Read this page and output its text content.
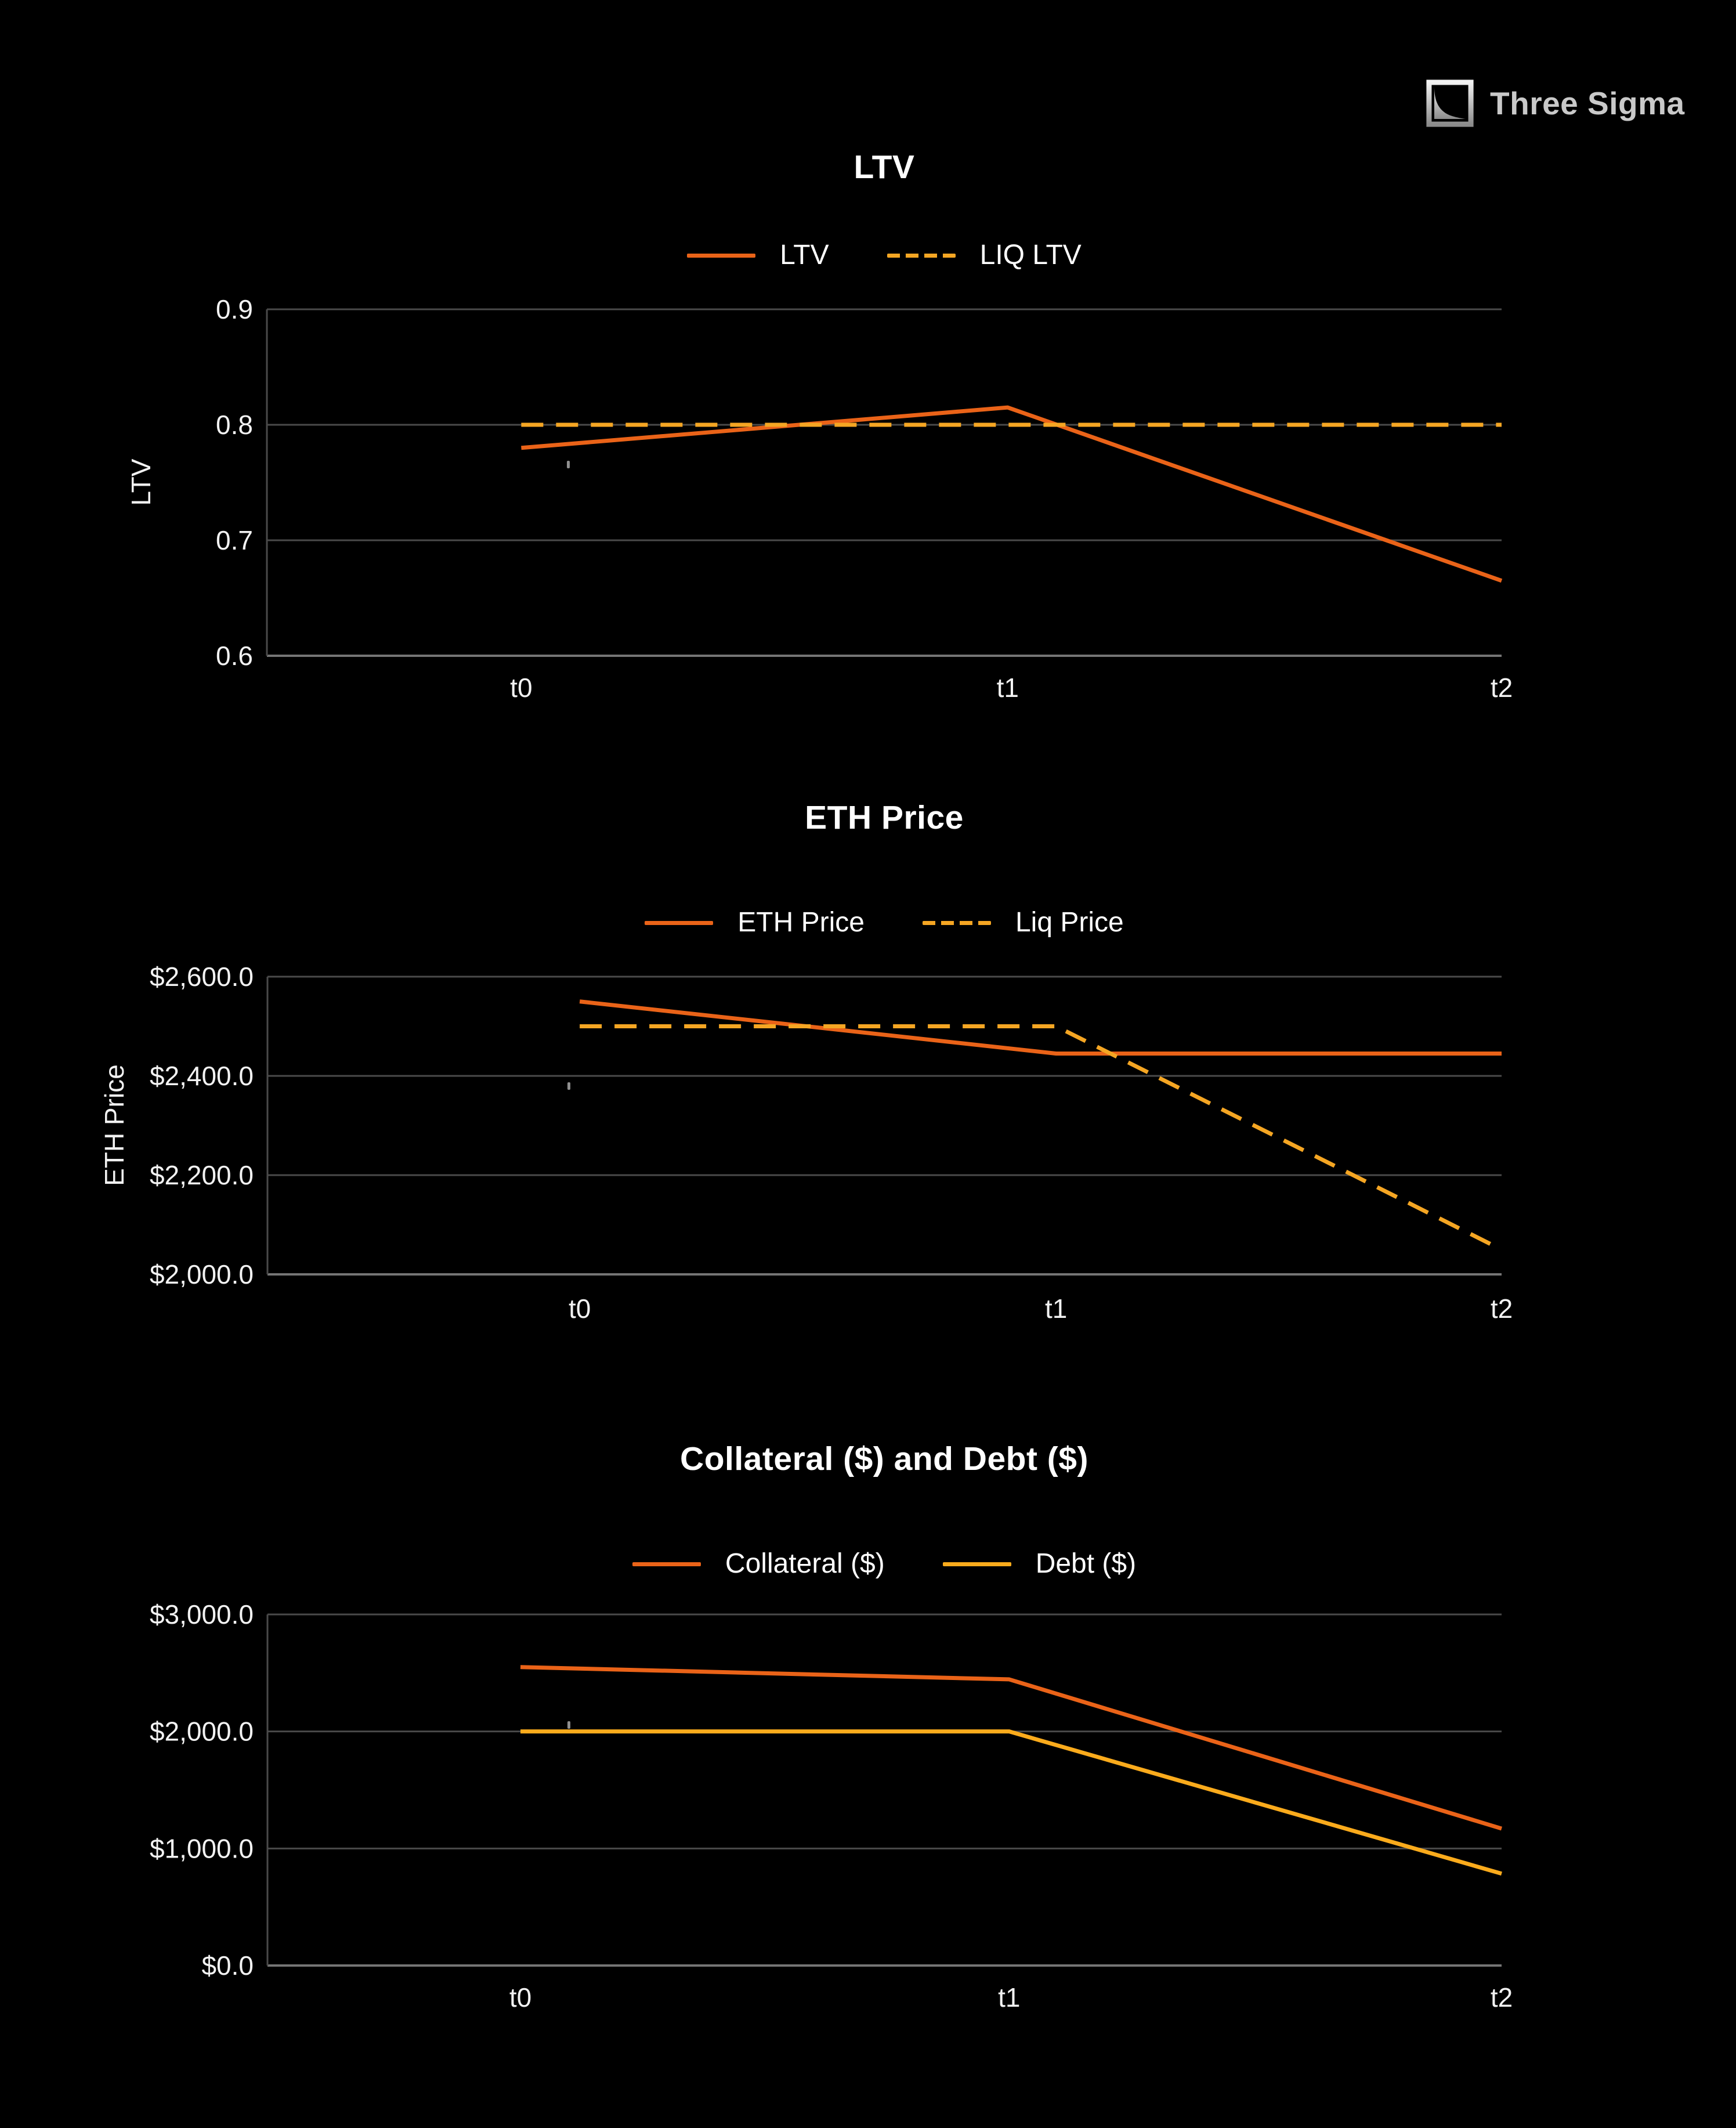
Three Sigma
LTV
ETH Price
Collateral ($) and Debt ($)
LTV	LIQ LTV
ETH Price	Liq Price
Collateral ($)	Debt ($)
LTV
ETH Price
0.9
0.8
0.7
0.6
t0	t1	t2
$2,600.0
$2,400.0
$2,200.0
$2,000.0
t0	t1	t2
$3,000.0
$2,000.0
$1,000.0
$0.0
t0	t1	t2
